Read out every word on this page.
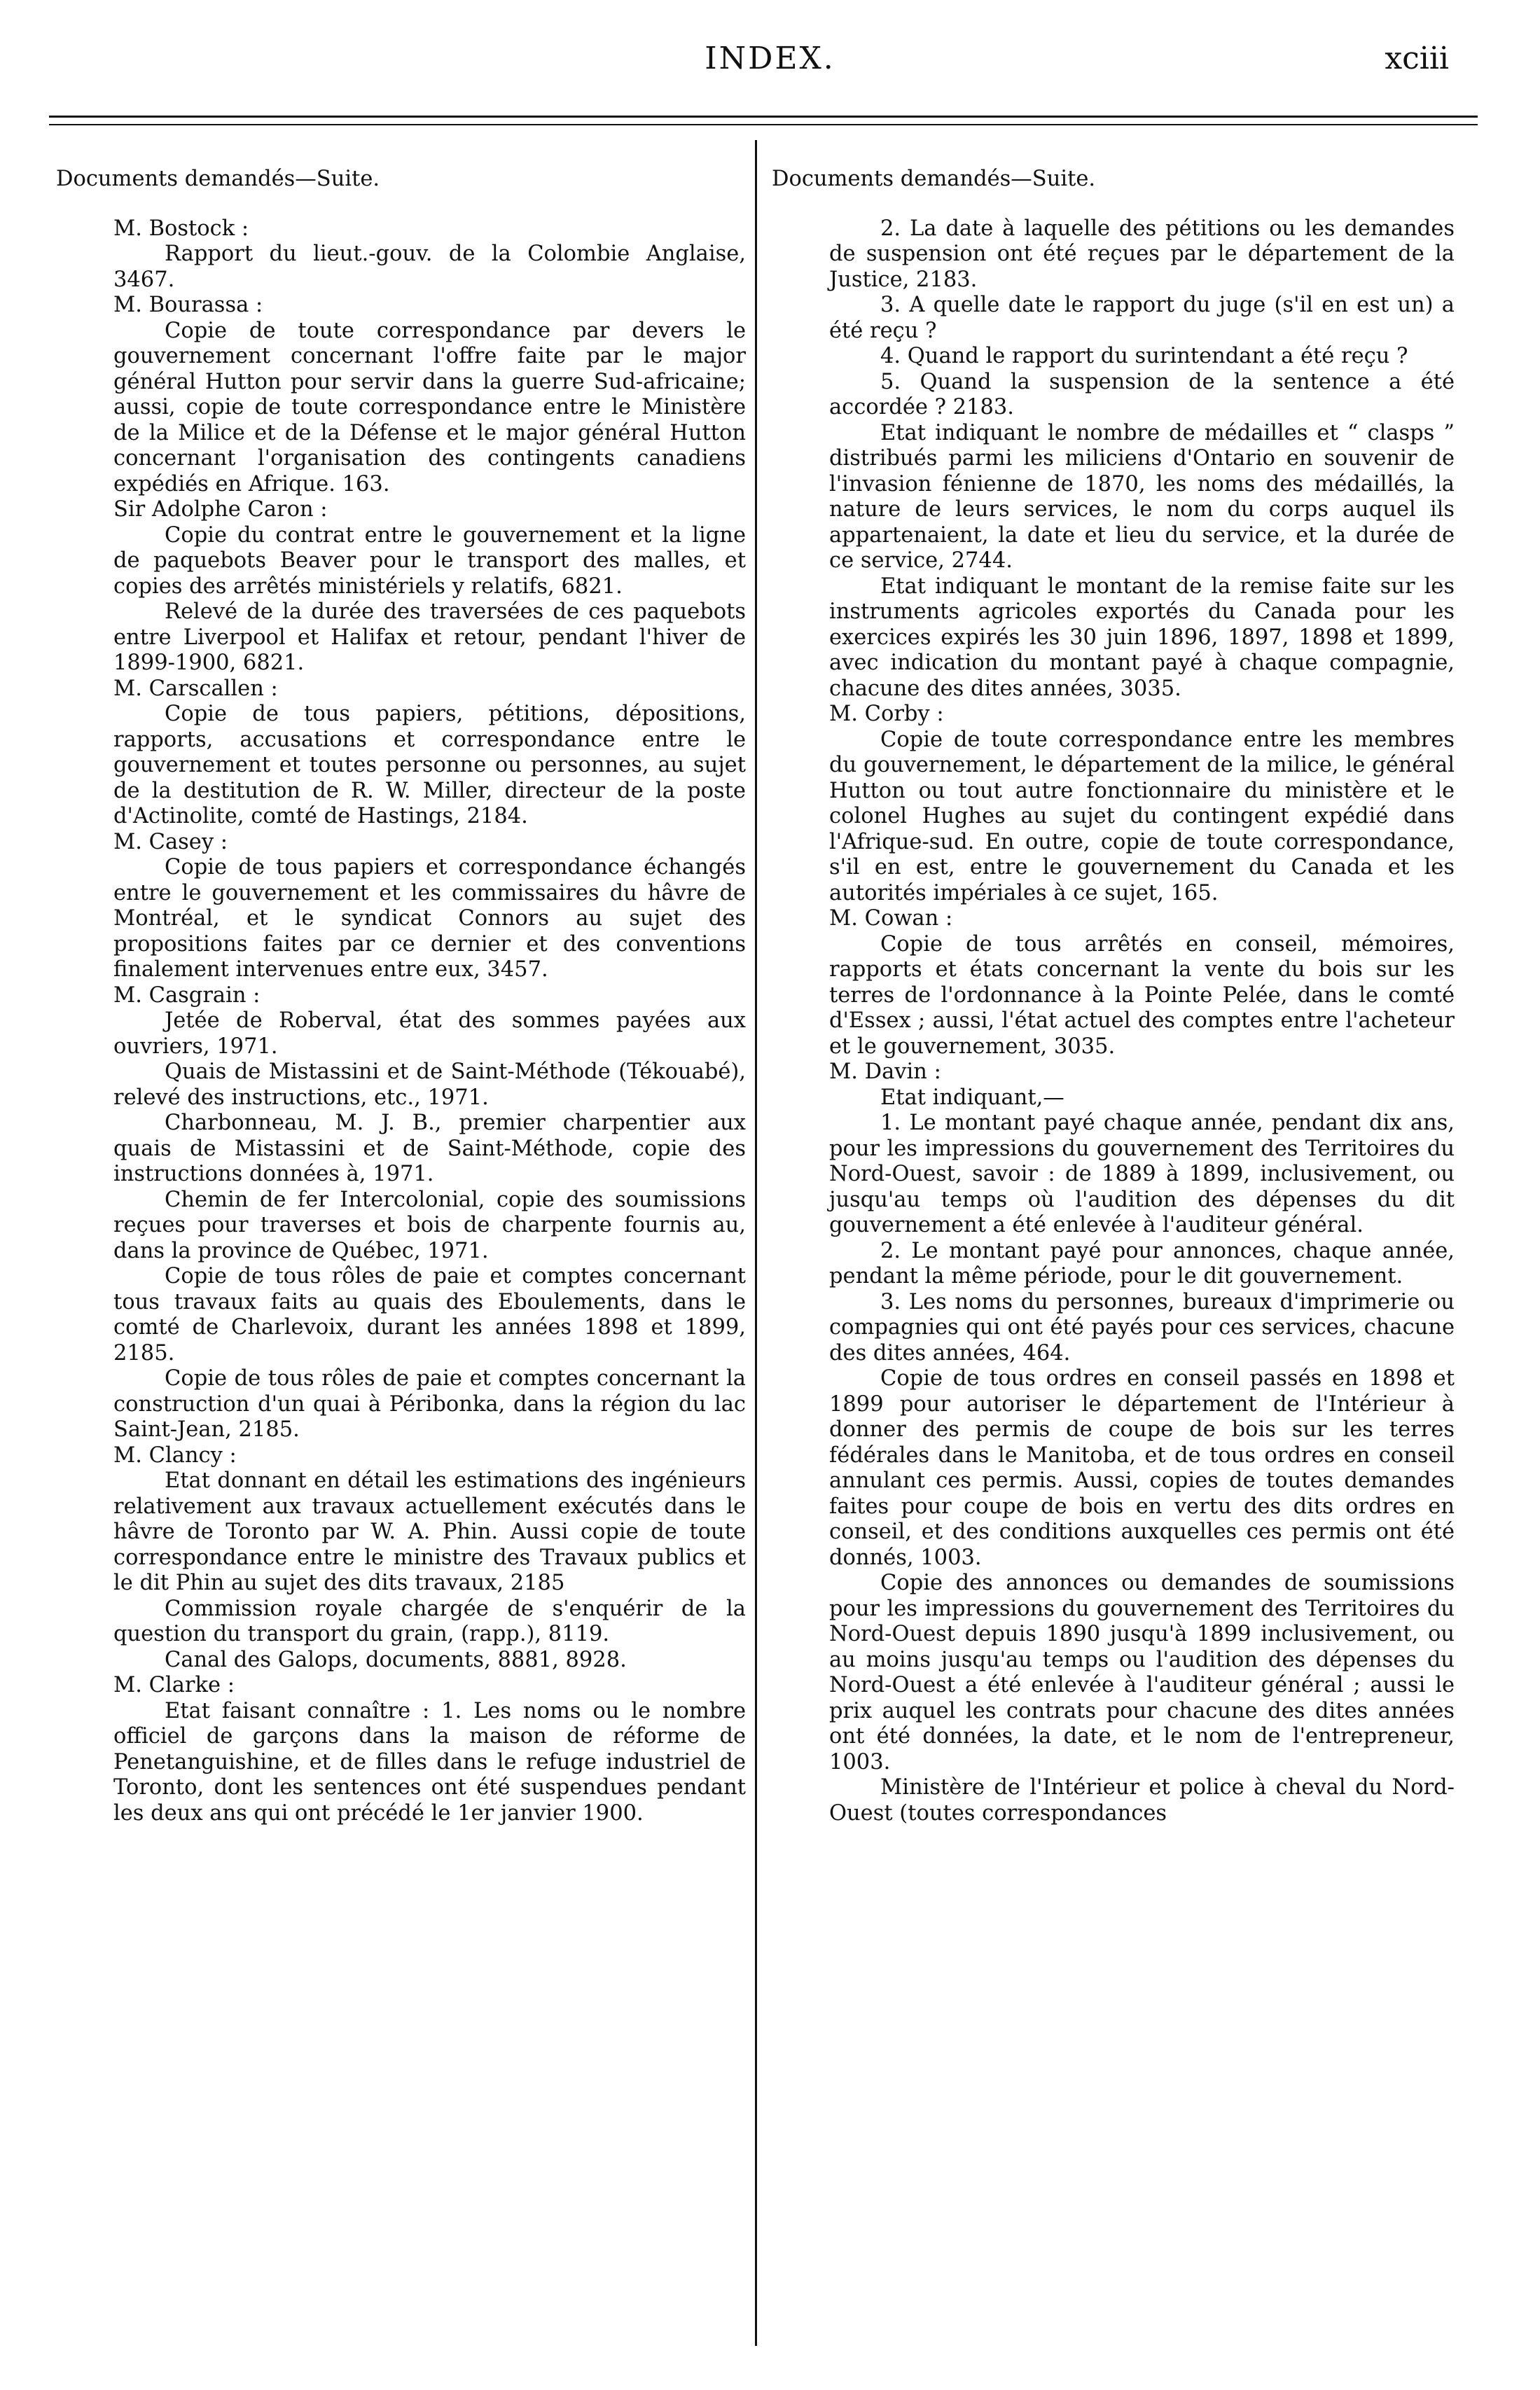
INDEX.	xciii
Documents demandés—Suite.

M. Bostock :

Rapport du lieut.-gouv. de la Colombie Anglaise, 3467.

M. Bourassa :

Copie de toute correspondance par devers le gouvernement concernant l'offre faite par le major général Hutton pour servir dans la guerre Sud-africaine; aussi, copie de toute correspondance entre le Ministère de la Milice et de la Défense et le major général Hutton concernant l'organisation des contingents canadiens expédiés en Afrique. 163.

Sir Adolphe Caron :

Copie du contrat entre le gouvernement et la ligne de paquebots Beaver pour le transport des malles, et copies des arrêtés ministériels y relatifs, 6821.

Relevé de la durée des traversées de ces paquebots entre Liverpool et Halifax et retour, pendant l'hiver de 1899-1900, 6821.

M. Carscallen :

Copie de tous papiers, pétitions, dépositions, rapports, accusations et correspondance entre le gouvernement et toutes personne ou personnes, au sujet de la destitution de R. W. Miller, directeur de la poste d'Actinolite, comté de Hastings, 2184.

M. Casey :

Copie de tous papiers et correspondance échangés entre le gouvernement et les commissaires du hâvre de Montréal, et le syndicat Connors au sujet des propositions faites par ce dernier et des conventions finalement intervenues entre eux, 3457.

M. Casgrain :

Jetée de Roberval, état des sommes payées aux ouvriers, 1971.

Quais de Mistassini et de Saint-Méthode (Tékouabé), relevé des instructions, etc., 1971.

Charbonneau, M. J. B., premier charpentier aux quais de Mistassini et de Saint-Méthode, copie des instructions données à, 1971.

Chemin de fer Intercolonial, copie des soumissions reçues pour traverses et bois de charpente fournis au, dans la province de Québec, 1971.

Copie de tous rôles de paie et comptes concernant tous travaux faits au quais des Eboulements, dans le comté de Charlevoix, durant les années 1898 et 1899, 2185.

Copie de tous rôles de paie et comptes concernant la construction d'un quai à Péribonka, dans la région du lac Saint-Jean, 2185.

M. Clancy :

Etat donnant en détail les estimations des ingénieurs relativement aux travaux actuellement exécutés dans le hâvre de Toronto par W. A. Phin. Aussi copie de toute correspondance entre le ministre des Travaux publics et le dit Phin au sujet des dits travaux, 2185

Commission royale chargée de s'enquérir de la question du transport du grain, (rapp.), 8119.

Canal des Galops, documents, 8881, 8928.

M. Clarke :

Etat faisant connaître : 1. Les noms ou le nombre officiel de garçons dans la maison de réforme de Penetanguishine, et de filles dans le refuge industriel de Toronto, dont les sentences ont été suspendues pendant les deux ans qui ont précédé le 1er janvier 1900.

Documents demandés—Suite.

2. La date à laquelle des pétitions ou les demandes de suspension ont été reçues par le département de la Justice, 2183.

3. A quelle date le rapport du juge (s'il en est un) a été reçu ?

4. Quand le rapport du surintendant a été reçu ?

5. Quand la suspension de la sentence a été accordée ? 2183.

Etat indiquant le nombre de médailles et “ clasps ” distribués parmi les miliciens d'Ontario en souvenir de l'invasion fénienne de 1870, les noms des médaillés, la nature de leurs services, le nom du corps auquel ils appartenaient, la date et lieu du service, et la durée de ce service, 2744.

Etat indiquant le montant de la remise faite sur les instruments agricoles exportés du Canada pour les exercices expirés les 30 juin 1896, 1897, 1898 et 1899, avec indication du montant payé à chaque compagnie, chacune des dites années, 3035.

M. Corby :

Copie de toute correspondance entre les membres du gouvernement, le département de la milice, le général Hutton ou tout autre fonctionnaire du ministère et le colonel Hughes au sujet du contingent expédié dans l'Afrique-sud. En outre, copie de toute correspondance, s'il en est, entre le gouvernement du Canada et les autorités impériales à ce sujet, 165.

M. Cowan :

Copie de tous arrêtés en conseil, mémoires, rapports et états concernant la vente du bois sur les terres de l'ordonnance à la Pointe Pelée, dans le comté d'Essex ; aussi, l'état actuel des comptes entre l'acheteur et le gouvernement, 3035.

M. Davin :

Etat indiquant,—

1. Le montant payé chaque année, pendant dix ans, pour les impressions du gouvernement des Territoires du Nord-Ouest, savoir : de 1889 à 1899, inclusivement, ou jusqu'au temps où l'audition des dépenses du dit gouvernement a été enlevée à l'auditeur général.

2. Le montant payé pour annonces, chaque année, pendant la même période, pour le dit gouvernement.

3. Les noms du personnes, bureaux d'imprimerie ou compagnies qui ont été payés pour ces services, chacune des dites années, 464.

Copie de tous ordres en conseil passés en 1898 et 1899 pour autoriser le département de l'Intérieur à donner des permis de coupe de bois sur les terres fédérales dans le Manitoba, et de tous ordres en conseil annulant ces permis. Aussi, copies de toutes demandes faites pour coupe de bois en vertu des dits ordres en conseil, et des conditions auxquelles ces permis ont été donnés, 1003.

Copie des annonces ou demandes de soumissions pour les impressions du gouvernement des Territoires du Nord-Ouest depuis 1890 jusqu'à 1899 inclusivement, ou au moins jusqu'au temps ou l'audition des dépenses du Nord-Ouest a été enlevée à l'auditeur général ; aussi le prix auquel les contrats pour chacune des dites années ont été données, la date, et le nom de l'entrepreneur, 1003.

Ministère de l'Intérieur et police à cheval du Nord-Ouest (toutes correspondances
